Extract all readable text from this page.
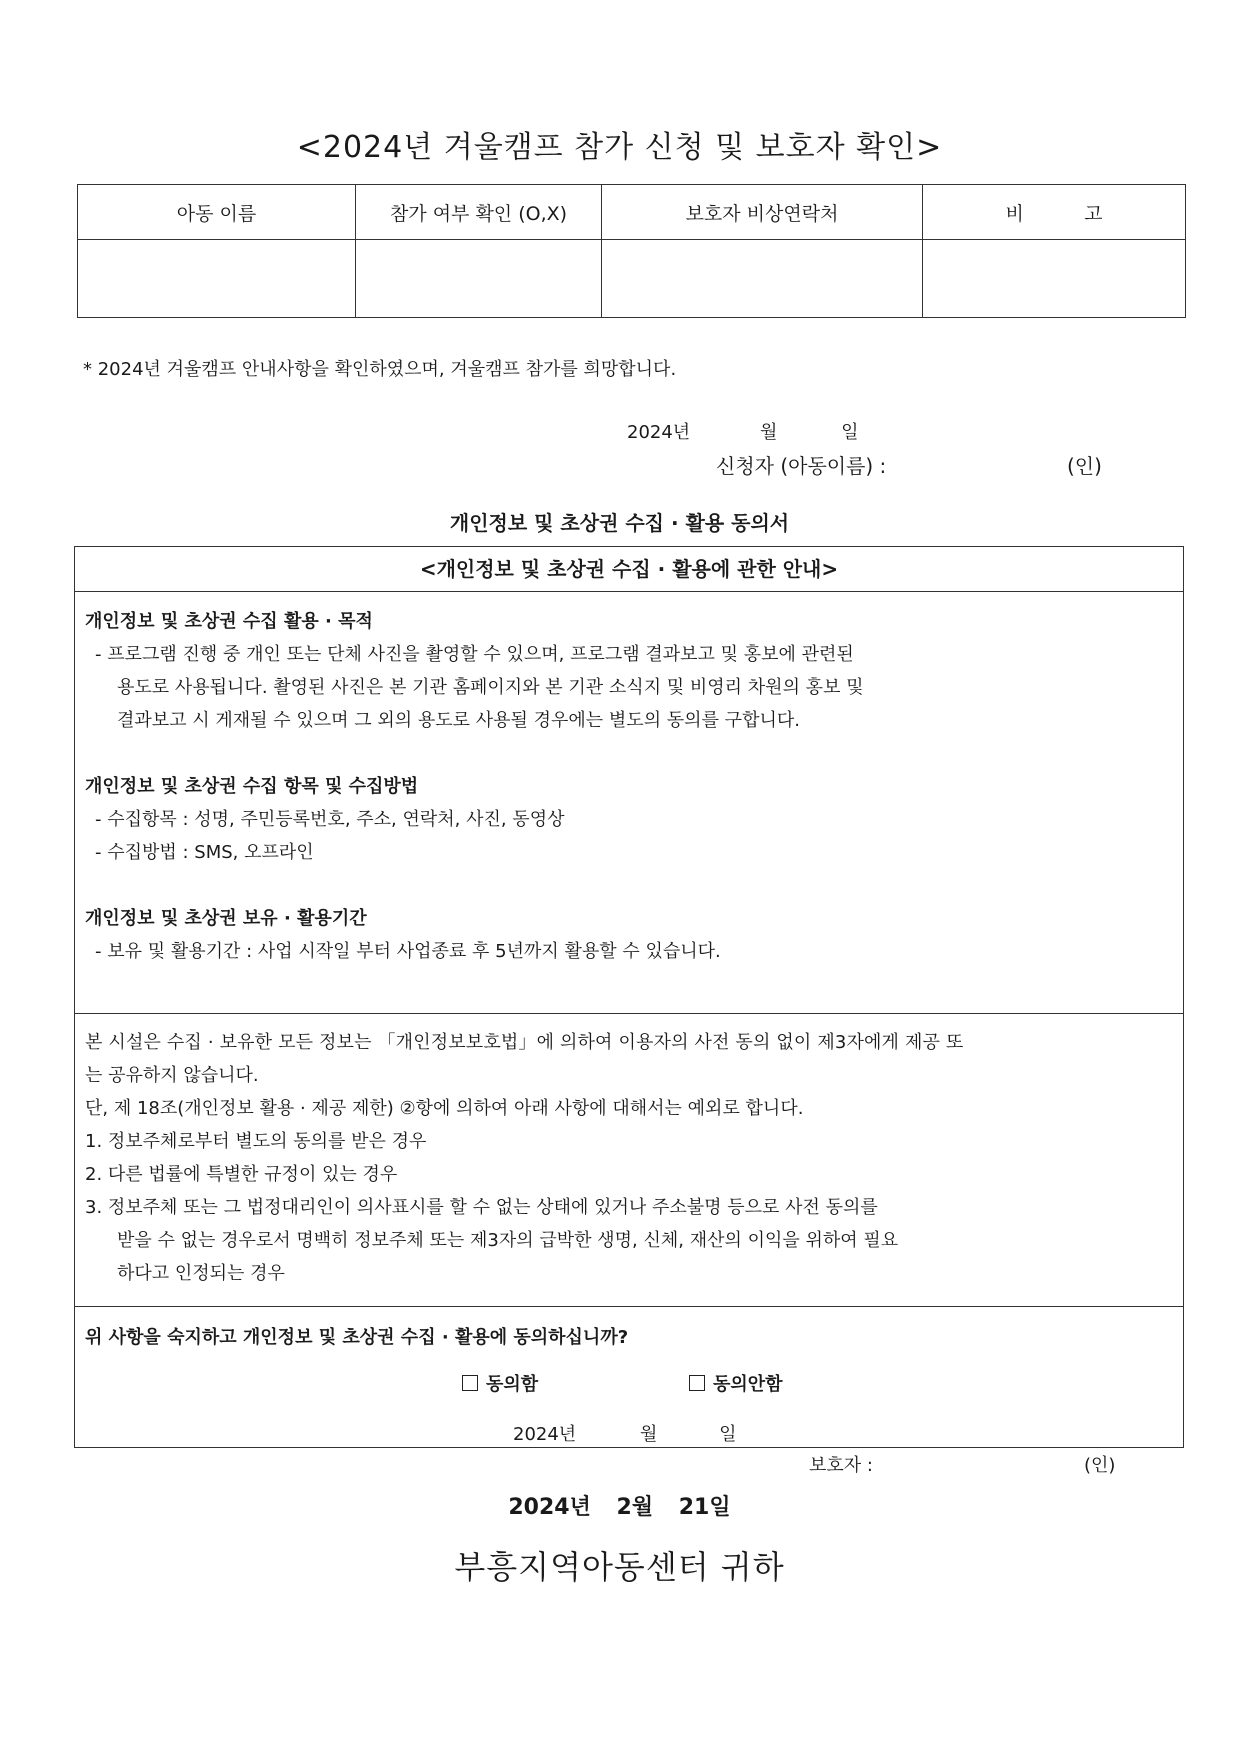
<2024년 겨울캠프 참가 신청 및 보호자 확인>
아동 이름	참가 여부 확인 (O,X)	보호자 비상연락처	비          고

* 2024년 겨울캠프 안내사항을 확인하였으며, 겨울캠프 참가를 희망합니다.
2024년	월	일
신청자 (아동이름) :	(인)
개인정보 및 초상권 수집 · 활용 동의서
<개인정보 및 초상권 수집 · 활용에 관한 안내>
개인정보 및 초상권 수집 활용 · 목적
- 프로그램 진행 중 개인 또는 단체 사진을 촬영할 수 있으며, 프로그램 결과보고 및 홍보에 관련된
용도로 사용됩니다. 촬영된 사진은 본 기관 홈페이지와 본 기관 소식지 및 비영리 차원의 홍보 및
결과보고 시 게재될 수 있으며 그 외의 용도로 사용될 경우에는 별도의 동의를 구합니다.
개인정보 및 초상권 수집 항목 및 수집방법
- 수집항목 : 성명, 주민등록번호, 주소, 연락처, 사진, 동영상
- 수집방법 : SMS, 오프라인
개인정보 및 초상권 보유 · 활용기간
- 보유 및 활용기간 : 사업 시작일 부터 사업종료 후 5년까지 활용할 수 있습니다.
본 시설은 수집 · 보유한 모든 정보는 「개인정보보호법」에 의하여 이용자의 사전 동의 없이 제3자에게 제공 또
는 공유하지 않습니다.
단, 제 18조(개인정보 활용 · 제공 제한) ②항에 의하여 아래 사항에 대해서는 예외로 합니다.
1. 정보주체로부터 별도의 동의를 받은 경우
2. 다른 법률에 특별한 규정이 있는 경우
3. 정보주체 또는 그 법정대리인이 의사표시를 할 수 없는 상태에 있거나 주소불명 등으로 사전 동의를
받을 수 없는 경우로서 명백히 정보주체 또는 제3자의 급박한 생명, 신체, 재산의 이익을 위하여 필요
하다고 인정되는 경우
위 사항을 숙지하고 개인정보 및 초상권 수집 · 활용에 동의하십니까?
동의함	동의안함
2024년	월	일
보호자 :	(인)
2024년 2월 21일
부흥지역아동센터 귀하
